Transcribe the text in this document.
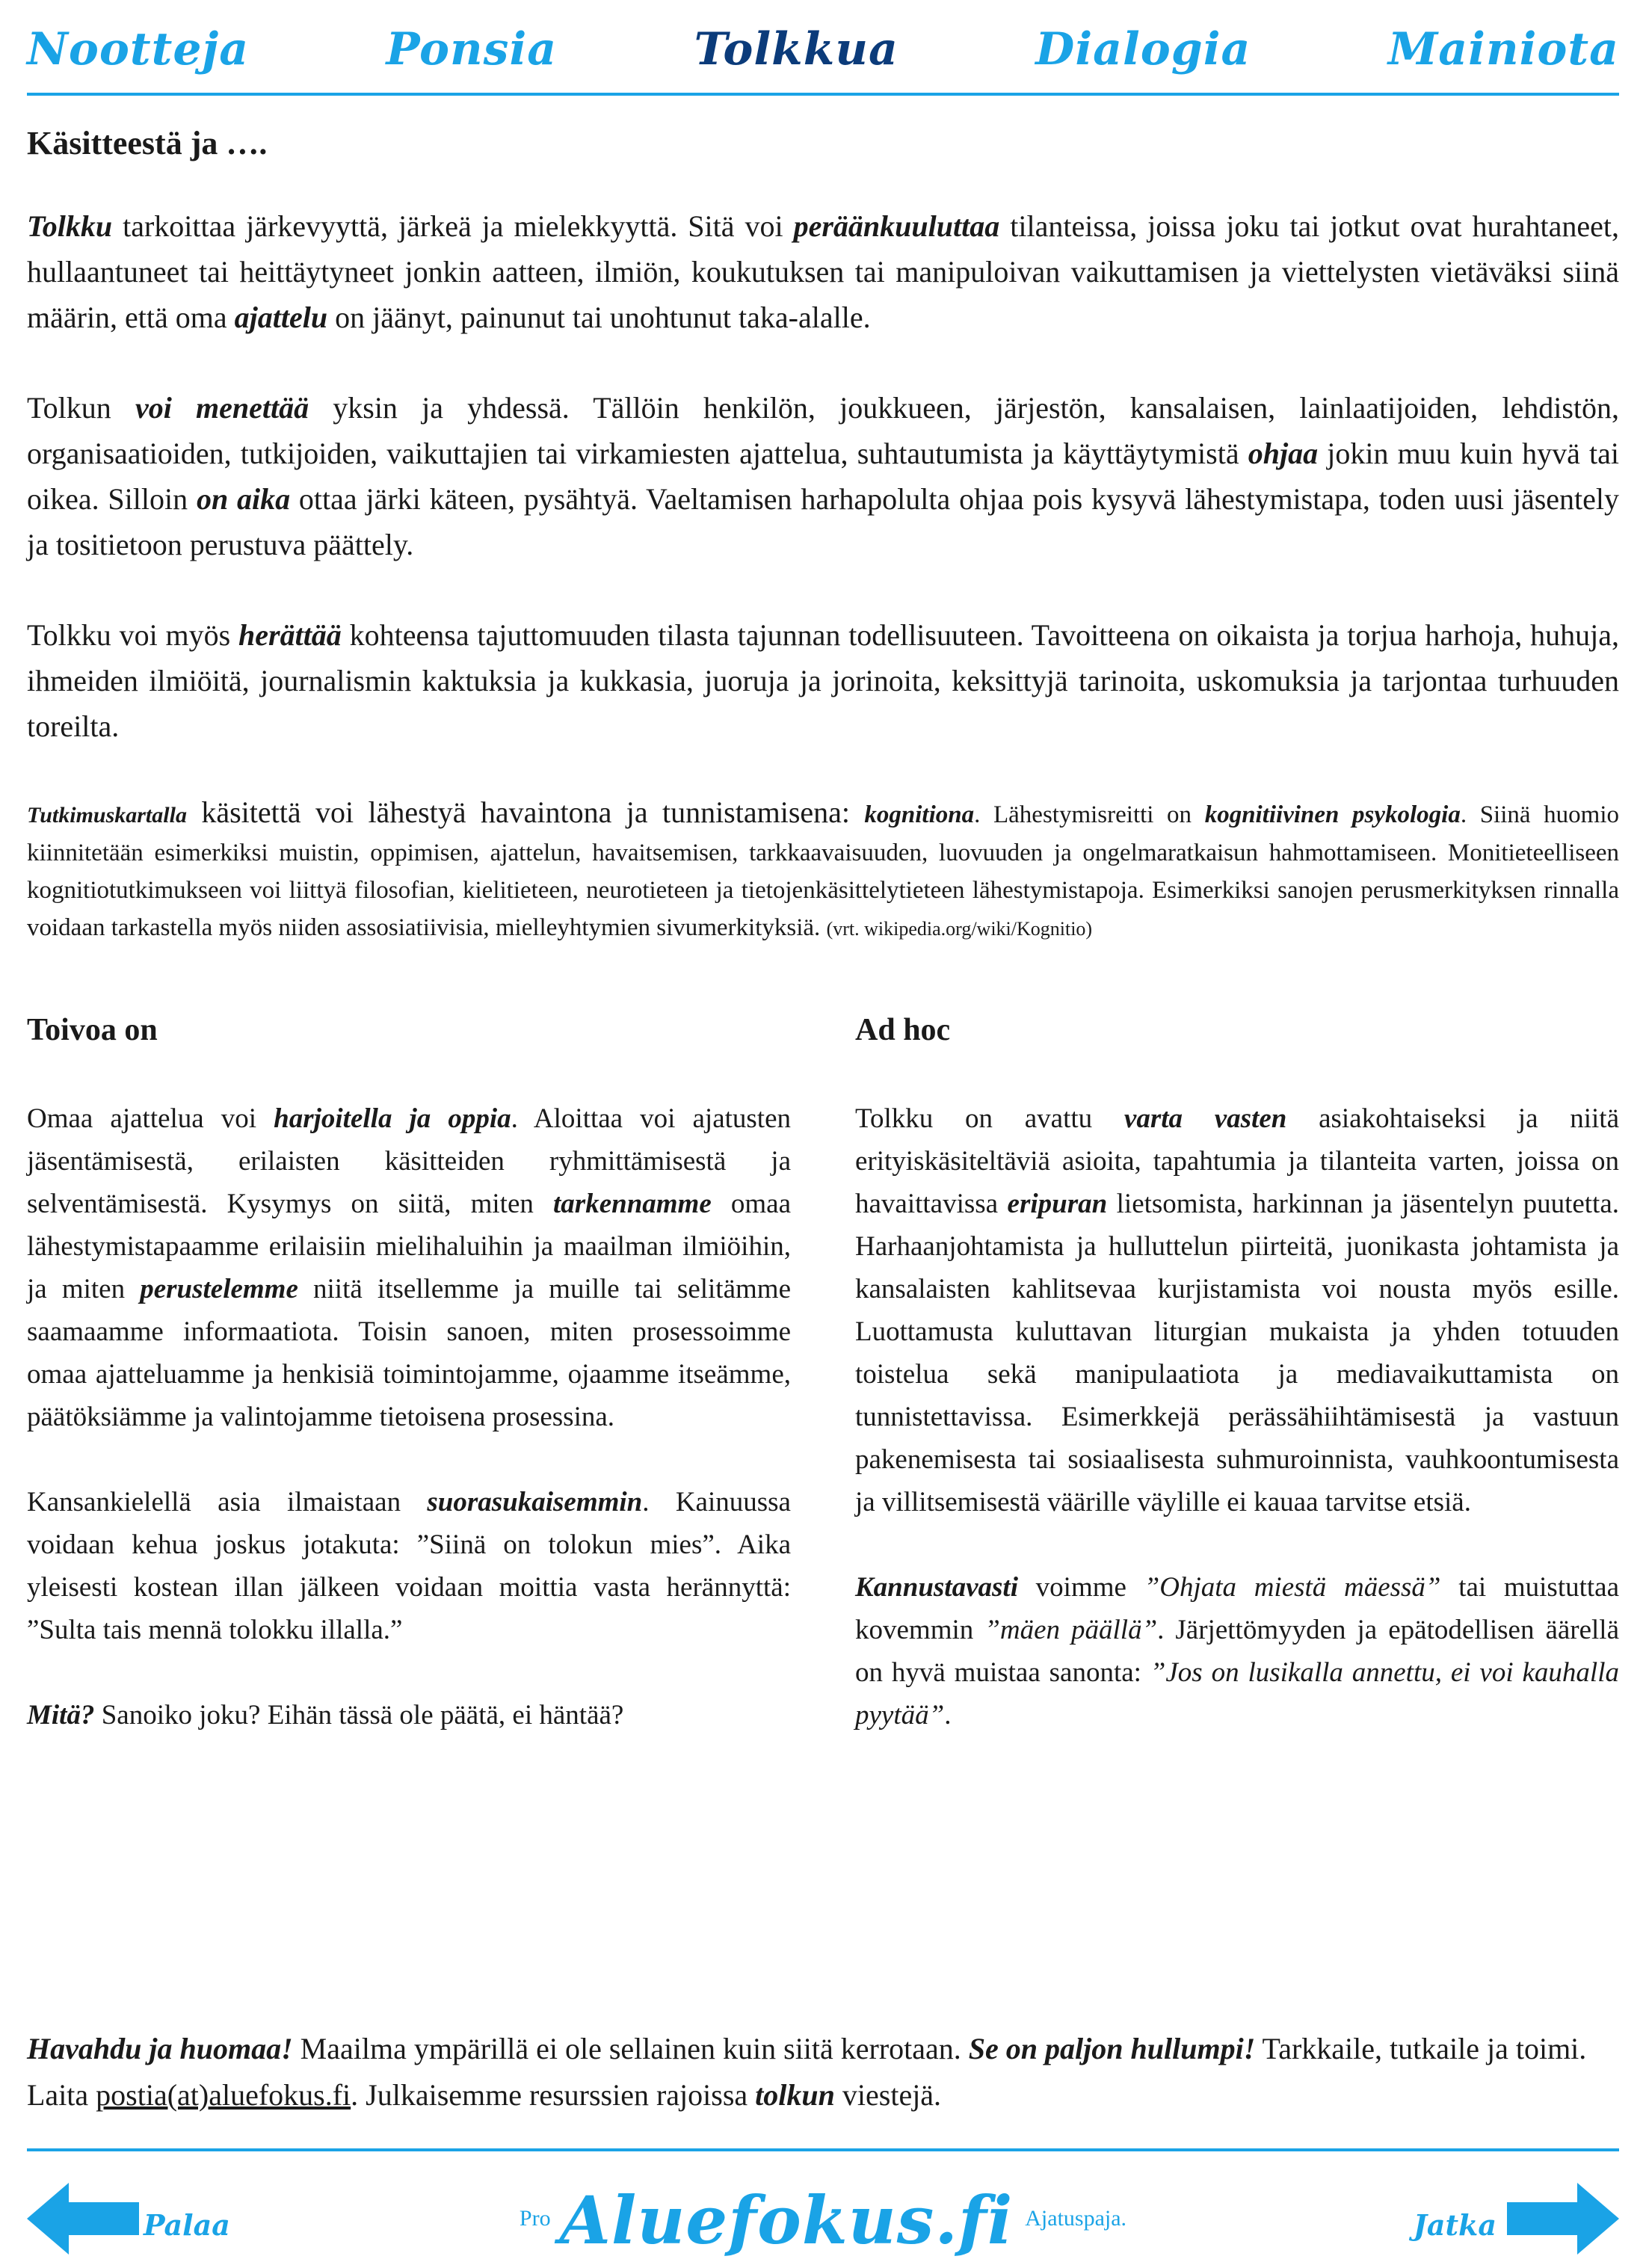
Nootteja	Ponsia	Tolkkua	Dialogia	Mainiota
Käsitteestä ja ….

Tolkku tarkoittaa järkevyyttä, järkeä ja mielekkyyttä. Sitä voi peräänkuuluttaa tilanteissa, joissa joku tai jotkut ovat hurahtaneet, hullaantuneet tai heittäytyneet jonkin aatteen, ilmiön, koukutuksen tai manipuloivan vaikuttamisen ja viettelysten vietäväksi siinä määrin, että oma ajattelu on jäänyt, painunut tai unohtunut taka-alalle.

Tolkun voi menettää yksin ja yhdessä. Tällöin henkilön, joukkueen, järjestön, kansalaisen, lainlaatijoiden, lehdistön, organisaatioiden, tutkijoiden, vaikuttajien tai virkamiesten ajattelua, suhtautumista ja käyttäytymistä ohjaa jokin muu kuin hyvä tai oikea. Silloin on aika ottaa järki käteen, pysähtyä. Vaeltamisen harhapolulta ohjaa pois kysyvä lähestymistapa, toden uusi jäsentely ja tositietoon perustuva päättely.

Tolkku voi myös herättää kohteensa tajuttomuuden tilasta tajunnan todellisuuteen. Tavoitteena on oikaista ja torjua harhoja, huhuja, ihmeiden ilmiöitä, journalismin kaktuksia ja kukkasia, juoruja ja jorinoita, keksittyjä tarinoita, uskomuksia ja tarjontaa turhuuden toreilta.

Tutkimuskartalla käsitettä voi lähestyä havaintona ja tunnistamisena: kognitiona. Lähestymisreitti on kognitiivinen psykologia. Siinä huomio kiinnitetään esimerkiksi muistin, oppimisen, ajattelun, havaitsemisen, tarkkaavaisuuden, luovuuden ja ongelmaratkaisun hahmottamiseen. Monitieteelliseen kognitiotutkimukseen voi liittyä filosofian, kielitieteen, neurotieteen ja tietojenkäsittelytieteen lähestymistapoja. Esimerkiksi sanojen perusmerkityksen rinnalla voidaan tarkastella myös niiden assosiatiivisia, mielleyhtymien sivumerkityksiä. (vrt. wikipedia.org/wiki/Kognitio)

Toivoa on

Omaa ajattelua voi harjoitella ja oppia. Aloittaa voi ajatusten jäsentämisestä, erilaisten käsitteiden ryhmittämisestä ja selventämisestä. Kysymys on siitä, miten tarkennamme omaa lähestymistapaamme erilaisiin mielihaluihin ja maailman ilmiöihin, ja miten perustelemme niitä itsellemme ja muille tai selitämme saamaamme informaatiota. Toisin sanoen, miten prosessoimme omaa ajatteluamme ja henkisiä toimintojamme, ojaamme itseämme, päätöksiämme ja valintojamme tietoisena prosessina.

Kansankielellä asia ilmaistaan suorasukaisemmin. Kainuussa voidaan kehua joskus jotakuta: ”Siinä on tolokun mies”. Aika yleisesti kostean illan jälkeen voidaan moittia vasta herännyttä: ”Sulta tais mennä tolokku illalla.”

Mitä? Sanoiko joku? Eihän tässä ole päätä, ei häntää?

Ad hoc

Tolkku on avattu varta vasten asiakohtaiseksi ja niitä erityiskäsiteltäviä asioita, tapahtumia ja tilanteita varten, joissa on havaittavissa eripuran lietsomista, harkinnan ja jäsentelyn puutetta. Harhaanjohtamista ja hulluttelun piirteitä, juonikasta johtamista ja kansalaisten kahlitsevaa kurjistamista voi nousta myös esille. Luottamusta kuluttavan liturgian mukaista ja yhden totuuden toistelua sekä manipulaatiota ja mediavaikuttamista on tunnistettavissa. Esimerkkejä perässähiihtämisestä ja vastuun pakenemisesta tai sosiaalisesta suhmuroinnista, vauhkoontumisesta ja villitsemisestä väärille väylille ei kauaa tarvitse etsiä.

Kannustavasti voimme ”Ohjata miestä mäessä” tai muistuttaa kovemmin ”mäen päällä”. Järjettömyyden ja epätodellisen äärellä on hyvä muistaa sanonta: ”Jos on lusikalla annettu, ei voi kauhalla pyytää”.

Havahdu ja huomaa! Maailma ympärillä ei ole sellainen kuin siitä kerrotaan. Se on paljon hullumpi! Tarkkaile, tutkaile ja toimi. Laita postia(at)aluefokus.fi. Julkaisemme resurssien rajoissa tolkun viestejä.

Palaa	Pro Aluefokus.fi Ajatuspaja.	Jatka
